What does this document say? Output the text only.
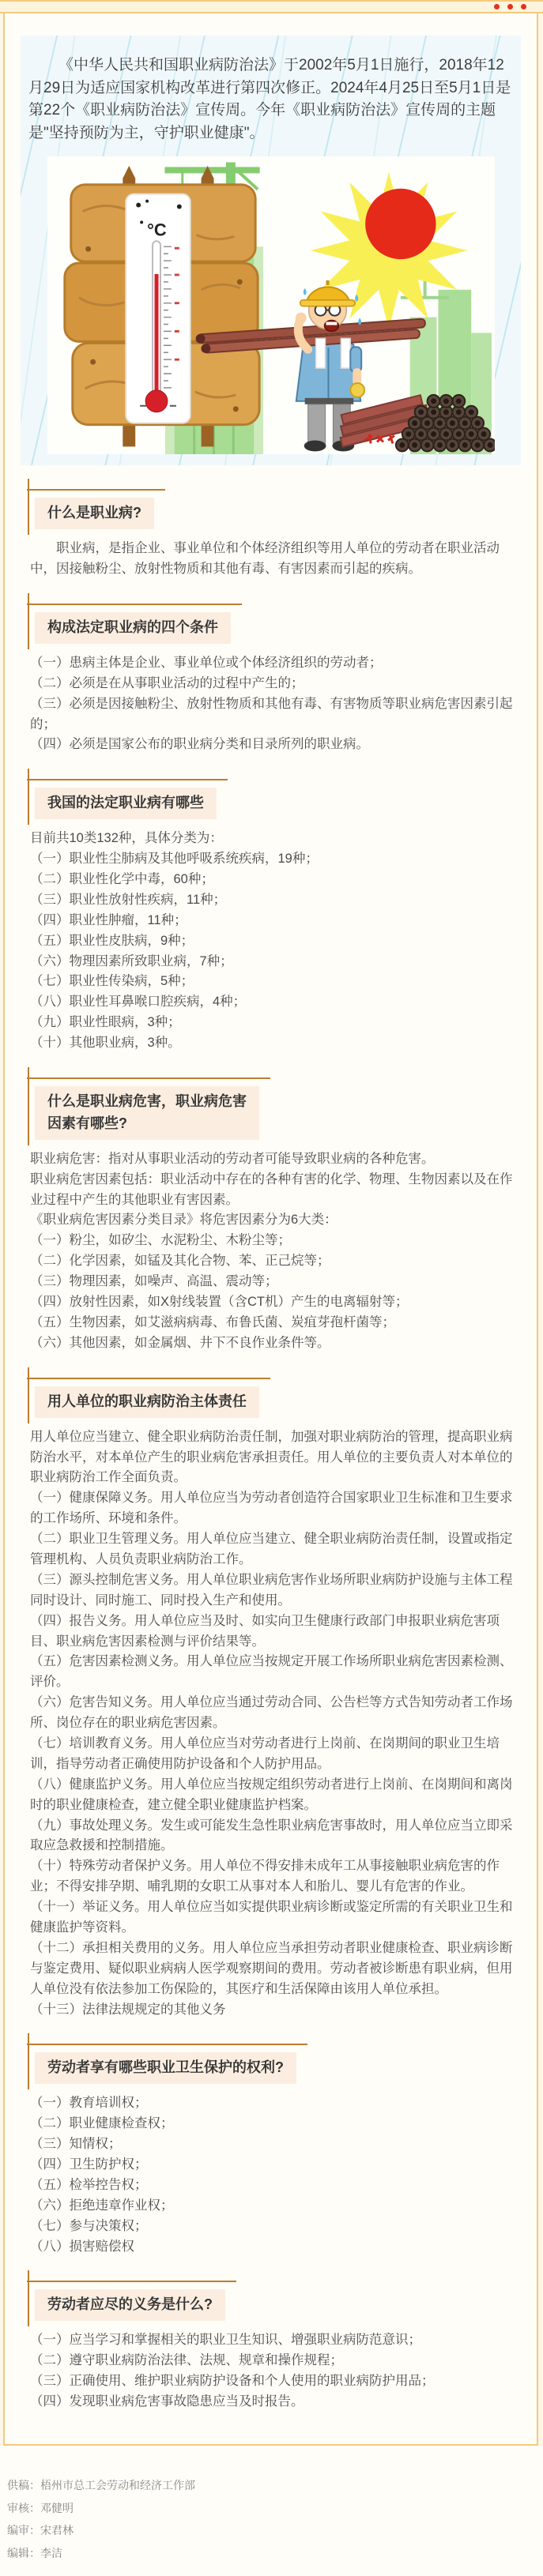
《中华人民共和国职业病防治法》于2002年5月1日施行，2018年12月29日为适应国家机构改革进行第四次修正。2024年4月25日至5月1日是第22个《职业病防治法》宣传周。今年《职业病防治法》宣传周的主题是"坚持预防为主，守护职业健康"。

°C
什么是职业病?

职业病，是指企业、事业单位和个体经济组织等用人单位的劳动者在职业活动中，因接触粉尘、放射性物质和其他有毒、有害因素而引起的疾病。

构成法定职业病的四个条件

（一）患病主体是企业、事业单位或个体经济组织的劳动者；

（二）必须是在从事职业活动的过程中产生的；

（三）必须是因接触粉尘、放射性物质和其他有毒、有害物质等职业病危害因素引起的；

（四）必须是国家公布的职业病分类和目录所列的职业病。

我国的法定职业病有哪些

目前共10类132种，具体分类为：

（一）职业性尘肺病及其他呼吸系统疾病，19种；

（二）职业性化学中毒，60种；

（三）职业性放射性疾病，11种；

（四）职业性肿瘤，11种；

（五）职业性皮肤病，9种；

（六）物理因素所致职业病，7种；

（七）职业性传染病，5种；

（八）职业性耳鼻喉口腔疾病，4种；

（九）职业性眼病，3种；

（十）其他职业病，3种。

什么是职业病危害，职业病危害
因素有哪些?

职业病危害：指对从事职业活动的劳动者可能导致职业病的各种危害。

职业病危害因素包括：职业活动中存在的各种有害的化学、物理、生物因素以及在作业过程中产生的其他职业有害因素。

《职业病危害因素分类目录》将危害因素分为6大类：

（一）粉尘，如矽尘、水泥粉尘、木粉尘等；

（二）化学因素，如锰及其化合物、苯、正己烷等；

（三）物理因素，如噪声、高温、震动等；

（四）放射性因素，如X射线装置（含CT机）产生的电离辐射等；

（五）生物因素，如艾滋病病毒、布鲁氏菌、炭疽芽孢杆菌等；

（六）其他因素，如金属烟、井下不良作业条件等。

用人单位的职业病防治主体责任

用人单位应当建立、健全职业病防治责任制，加强对职业病防治的管理，提高职业病防治水平，对本单位产生的职业病危害承担责任。用人单位的主要负责人对本单位的职业病防治工作全面负责。

（一）健康保障义务。用人单位应当为劳动者创造符合国家职业卫生标准和卫生要求的工作场所、环境和条件。

（二）职业卫生管理义务。用人单位应当建立、健全职业病防治责任制，设置或指定管理机构、人员负责职业病防治工作。

（三）源头控制危害义务。用人单位职业病危害作业场所职业病防护设施与主体工程同时设计、同时施工、同时投入生产和使用。

（四）报告义务。用人单位应当及时、如实向卫生健康行政部门申报职业病危害项目、职业病危害因素检测与评价结果等。

（五）危害因素检测义务。用人单位应当按规定开展工作场所职业病危害因素检测、评价。

（六）危害告知义务。用人单位应当通过劳动合同、公告栏等方式告知劳动者工作场所、岗位存在的职业病危害因素。

（七）培训教育义务。用人单位应当对劳动者进行上岗前、在岗期间的职业卫生培训，指导劳动者正确使用防护设备和个人防护用品。

（八）健康监护义务。用人单位应当按规定组织劳动者进行上岗前、在岗期间和离岗时的职业健康检查，建立健全职业健康监护档案。

（九）事故处理义务。发生或可能发生急性职业病危害事故时，用人单位应当立即采取应急救援和控制措施。

（十）特殊劳动者保护义务。用人单位不得安排未成年工从事接触职业病危害的作业；不得安排孕期、哺乳期的女职工从事对本人和胎儿、婴儿有危害的作业。

（十一）举证义务。用人单位应当如实提供职业病诊断或鉴定所需的有关职业卫生和健康监护等资料。

（十二）承担相关费用的义务。用人单位应当承担劳动者职业健康检查、职业病诊断与鉴定费用、疑似职业病病人医学观察期间的费用。劳动者被诊断患有职业病，但用人单位没有依法参加工伤保险的，其医疗和生活保障由该用人单位承担。

（十三）法律法规规定的其他义务

劳动者享有哪些职业卫生保护的权利?

（一）教育培训权；

（二）职业健康检查权；

（三）知情权；

（四）卫生防护权；

（五）检举控告权；

（六）拒绝违章作业权；

（七）参与决策权；

（八）损害赔偿权

劳动者应尽的义务是什么?

（一）应当学习和掌握相关的职业卫生知识、增强职业病防范意识；

（二）遵守职业病防治法律、法规、规章和操作规程；

（三）正确使用、维护职业病防护设备和个人使用的职业病防护用品；

（四）发现职业病危害事故隐患应当及时报告。

供稿：梧州市总工会劳动和经济工作部

审核：邓健明

编审：宋君林

编辑：李洁
